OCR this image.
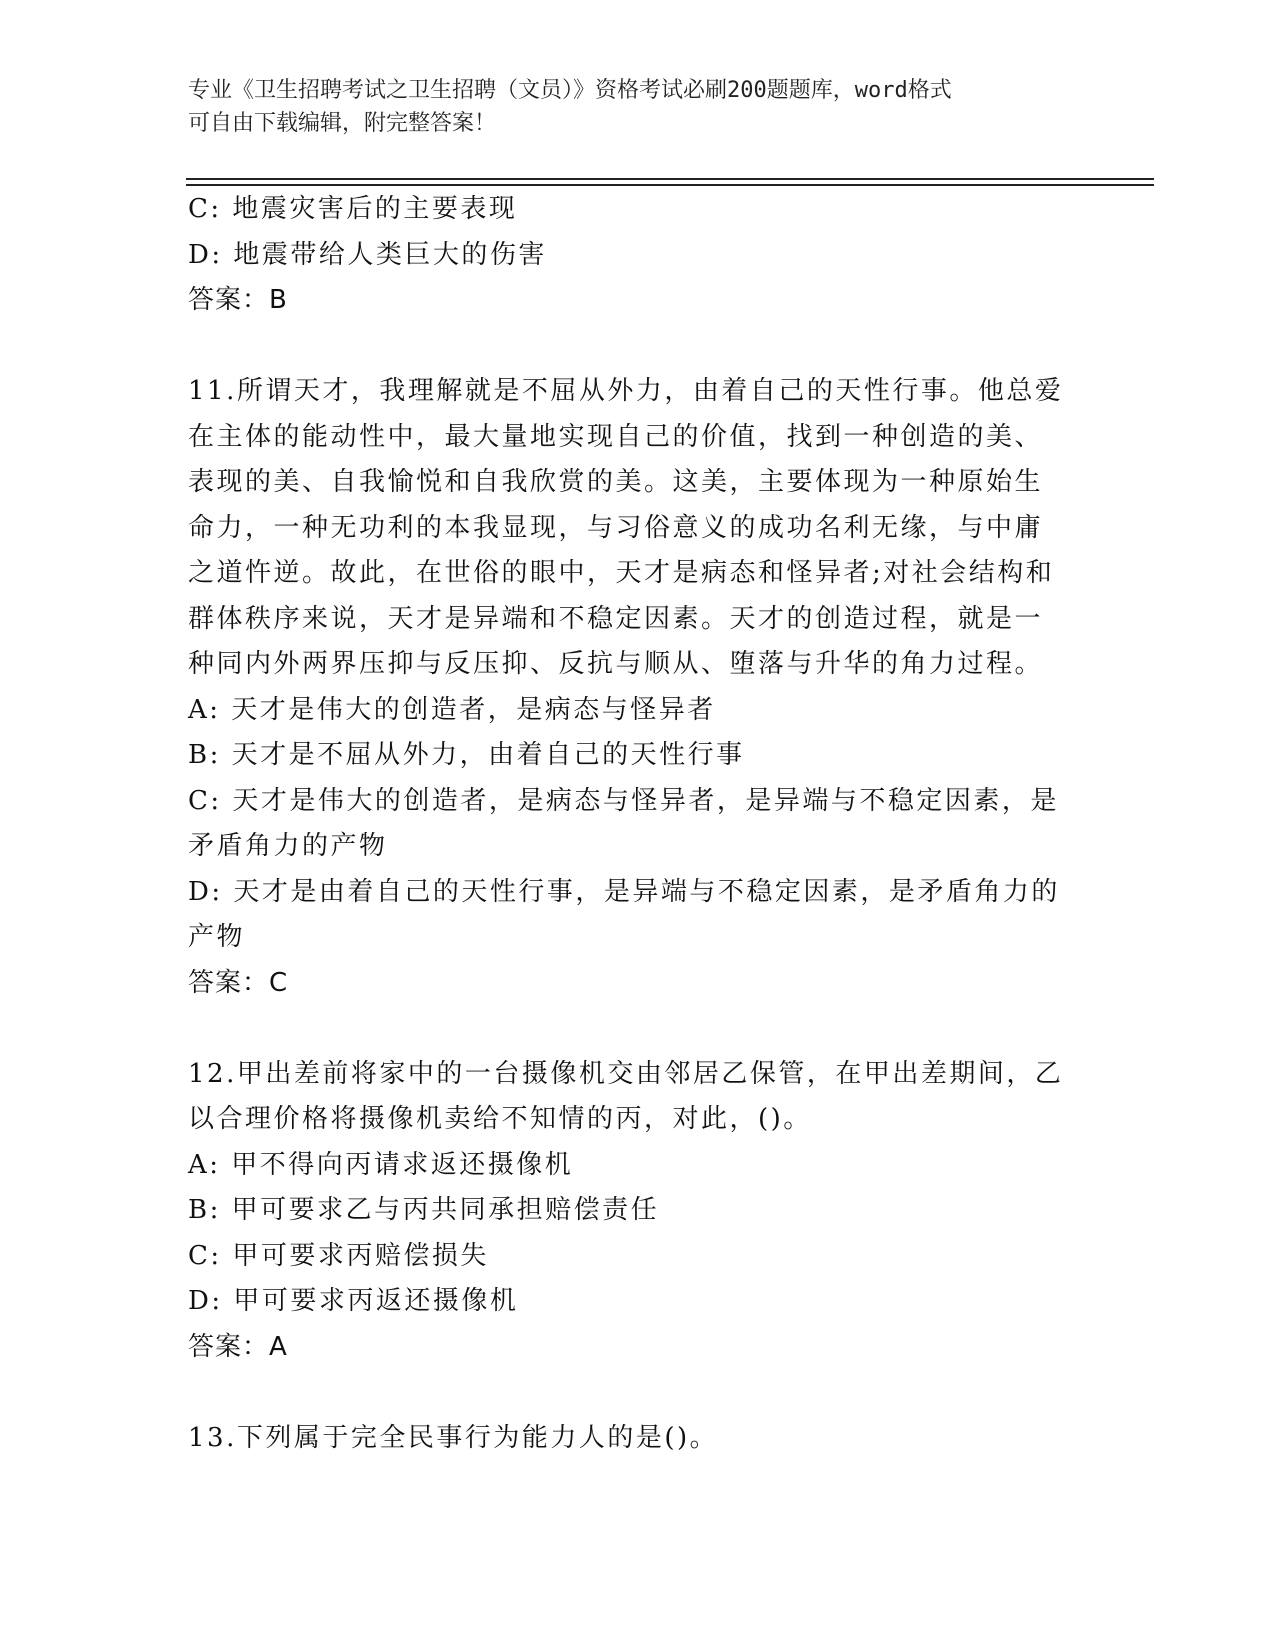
专业《卫生招聘考试之卫生招聘（文员）》资格考试必刷200题题库，word格式
可自由下载编辑，附完整答案！
C: 地震灾害后的主要表现
D: 地震带给人类巨大的伤害
答案：B
11.所谓天才，我理解就是不屈从外力，由着自己的天性行事。他总爱
在主体的能动性中，最大量地实现自己的价值，找到一种创造的美、
表现的美、自我愉悦和自我欣赏的美。这美，主要体现为一种原始生
命力，一种无功利的本我显现，与习俗意义的成功名利无缘，与中庸
之道忤逆。故此，在世俗的眼中，天才是病态和怪异者;对社会结构和
群体秩序来说，天才是异端和不稳定因素。天才的创造过程，就是一
种同内外两界压抑与反压抑、反抗与顺从、堕落与升华的角力过程。
A: 天才是伟大的创造者，是病态与怪异者
B: 天才是不屈从外力，由着自己的天性行事
C: 天才是伟大的创造者，是病态与怪异者，是异端与不稳定因素，是
矛盾角力的产物
D: 天才是由着自己的天性行事，是异端与不稳定因素，是矛盾角力的
产物
答案：C
12.甲出差前将家中的一台摄像机交由邻居乙保管，在甲出差期间，乙
以合理价格将摄像机卖给不知情的丙，对此，()。
A: 甲不得向丙请求返还摄像机
B: 甲可要求乙与丙共同承担赔偿责任
C: 甲可要求丙赔偿损失
D: 甲可要求丙返还摄像机
答案：A
13.下列属于完全民事行为能力人的是()。
